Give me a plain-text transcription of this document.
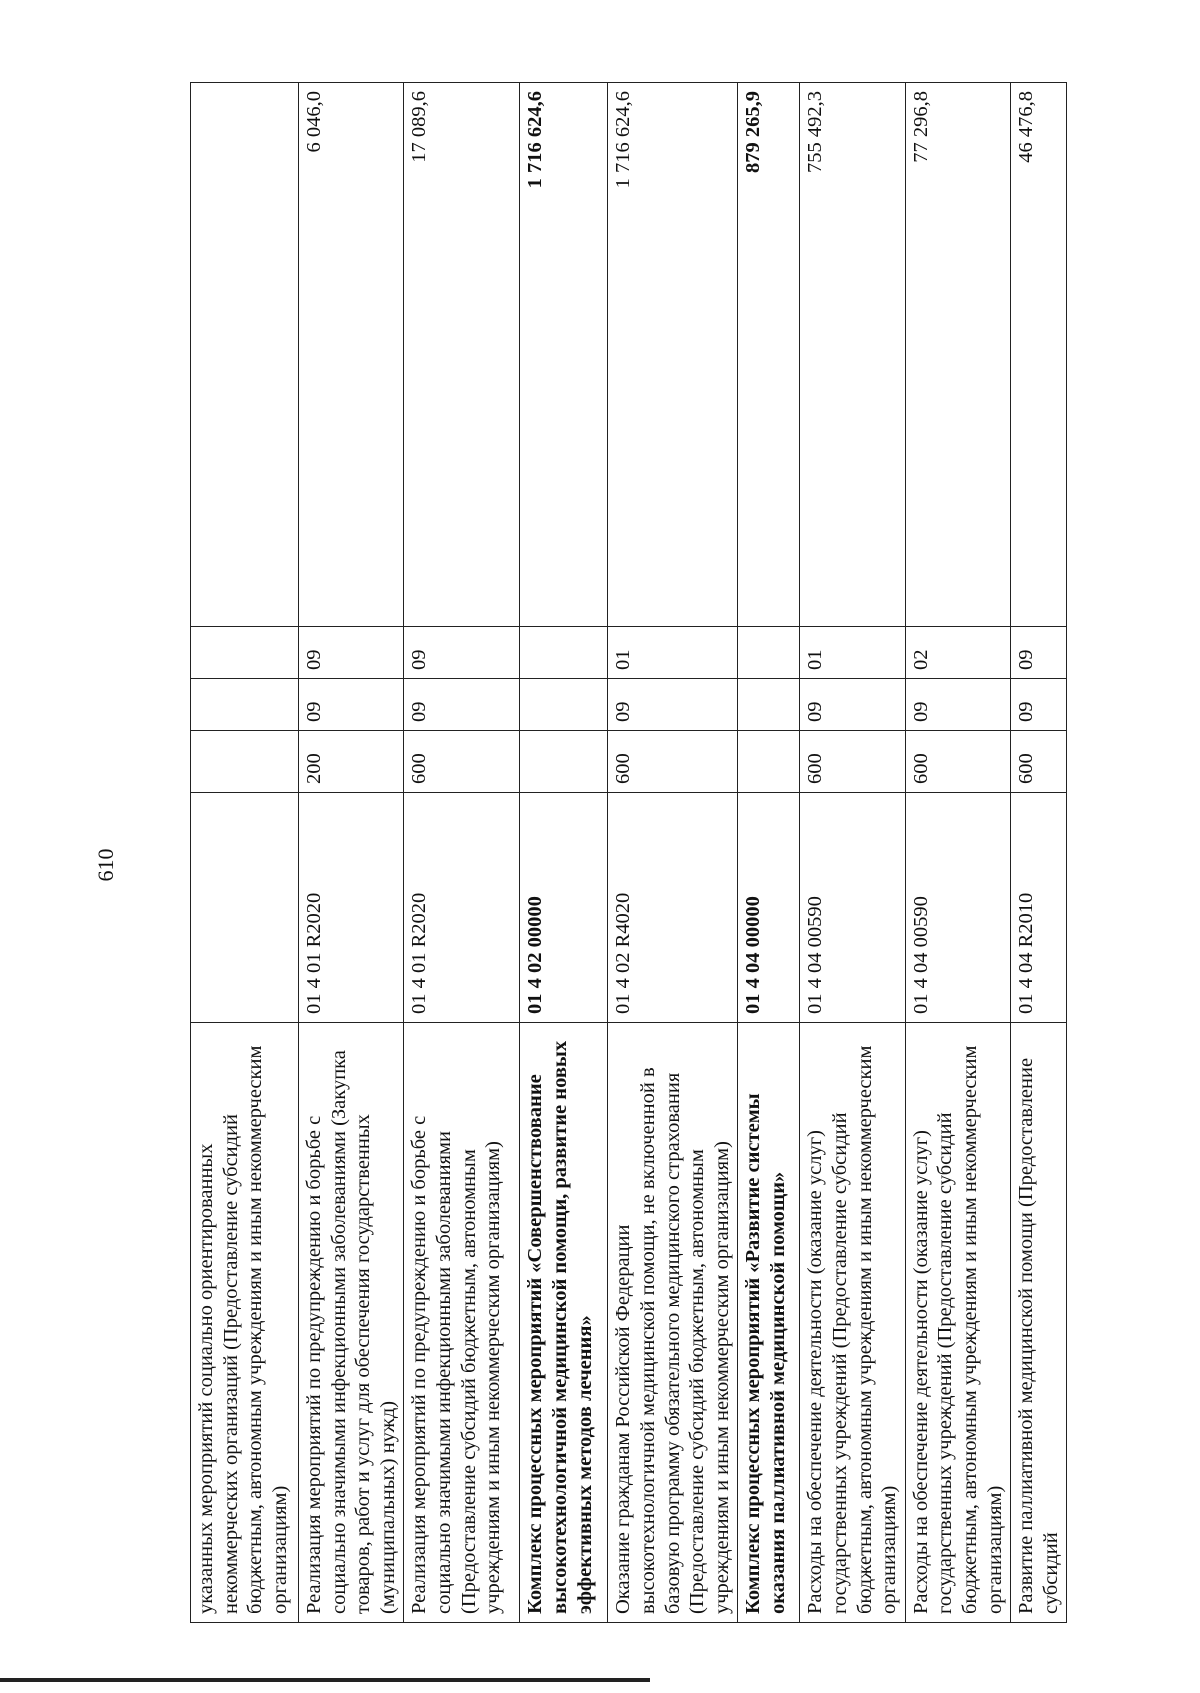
610
указанных мероприятий социально ориентированных некоммерческих организаций (Предоставление субсидий бюджетным, автономным учреждениям и иным некоммерческим организациям)					
Реализация мероприятий по предупреждению и борьбе с социально значимыми инфекционными заболеваниями (Закупка товаров, работ и услуг для обеспечения государственных (муниципальных) нужд)	01 4 01 R2020	200	09	09	6 046,0
Реализация мероприятий по предупреждению и борьбе с социально значимыми инфекционными заболеваниями (Предоставление субсидий бюджетным, автономным учреждениям и иным некоммерческим организациям)	01 4 01 R2020	600	09	09	17 089,6
Комплекс процессных мероприятий «Совершенствование высокотехнологичной медицинской помощи, развитие новых эффективных методов лечения»	01 4 02 00000				1 716 624,6
Оказание гражданам Российской Федерации высокотехнологичной медицинской помощи, не включенной в базовую программу обязательного медицинского страхования (Предоставление субсидий бюджетным, автономным учреждениям и иным некоммерческим организациям)	01 4 02 R4020	600	09	01	1 716 624,6
Комплекс процессных мероприятий «Развитие системы оказания паллиативной медицинской помощи»	01 4 04 00000				879 265,9
Расходы на обеспечение деятельности (оказание услуг) государственных учреждений (Предоставление субсидий бюджетным, автономным учреждениям и иным некоммерческим организациям)	01 4 04 00590	600	09	01	755 492,3
Расходы на обеспечение деятельности (оказание услуг) государственных учреждений (Предоставление субсидий бюджетным, автономным учреждениям и иным некоммерческим организациям)	01 4 04 00590	600	09	02	77 296,8
Развитие паллиативной медицинской помощи (Предоставление субсидий	01 4 04 R2010	600	09	09	46 476,8
